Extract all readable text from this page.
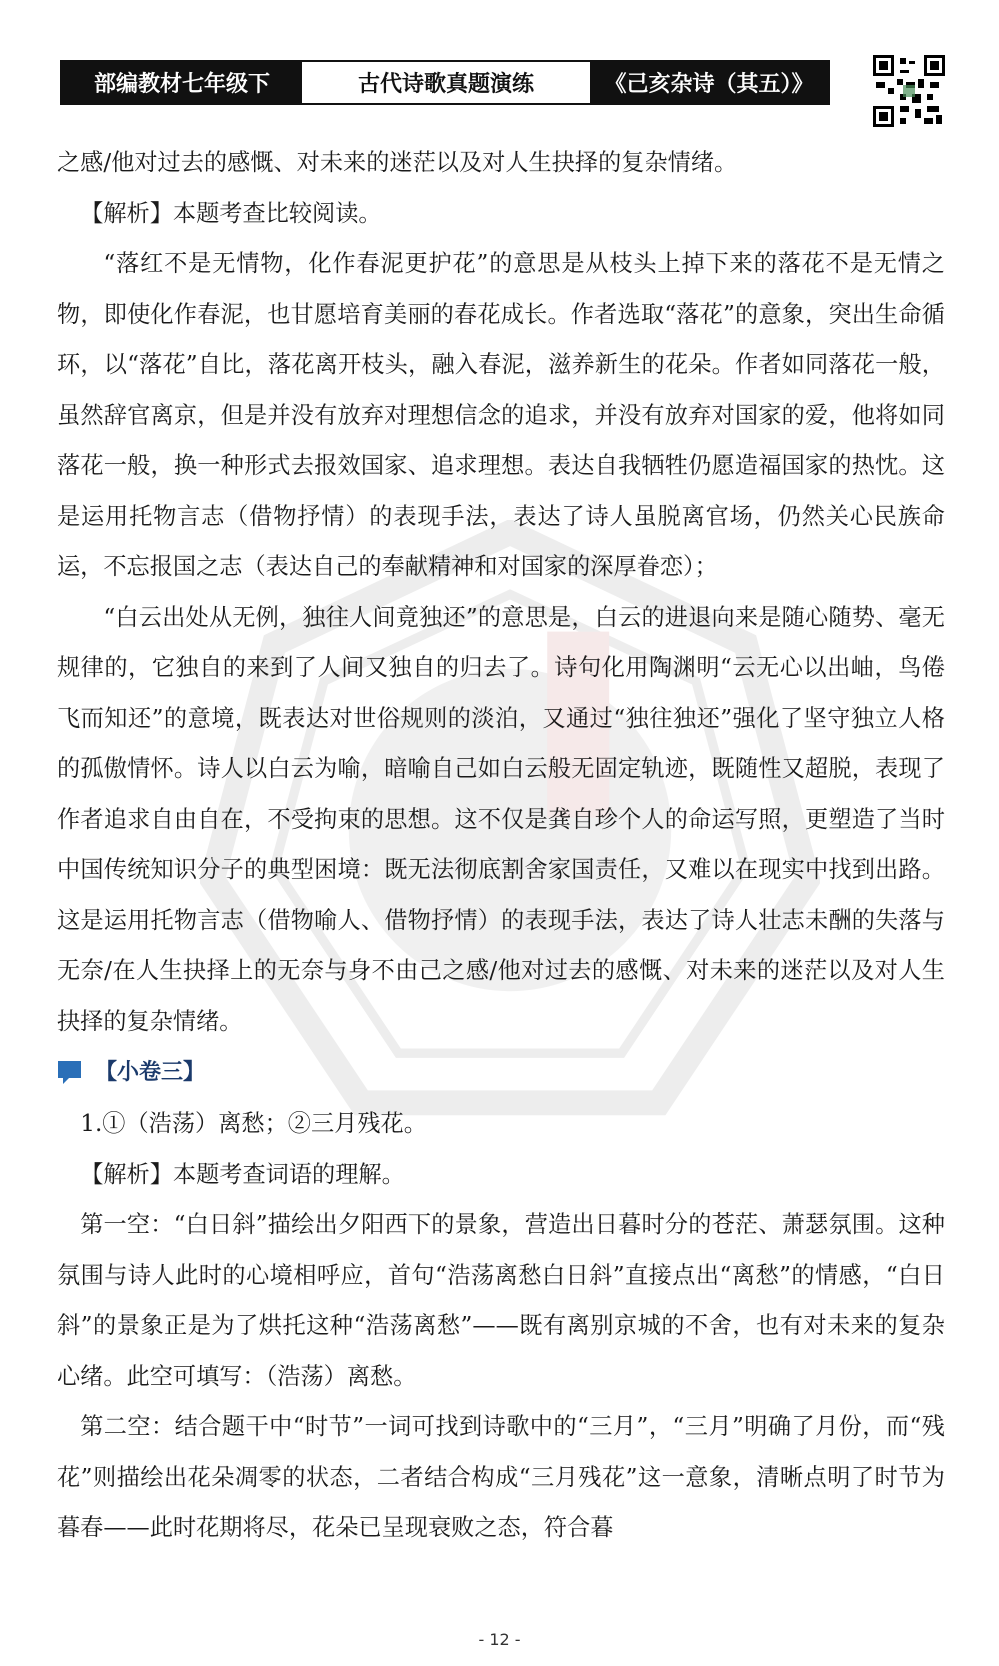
部编教材七年级下	古代诗歌真题演练	《己亥杂诗（其五）》

之感/他对过去的感慨、对未来的迷茫以及对人生抉择的复杂情绪。

【解析】本题考查比较阅读。

“落红不是无情物，化作春泥更护花”的意思是从枝头上掉下来的落花不是无情之物，即使化作春泥，也甘愿培育美丽的春花成长。作者选取“落花”的意象，突出生命循环，以“落花”自比，落花离开枝头，融入春泥，滋养新生的花朵。作者如同落花一般，虽然辞官离京，但是并没有放弃对理想信念的追求，并没有放弃对国家的爱，他将如同落花一般，换一种形式去报效国家、追求理想。表达自我牺牲仍愿造福国家的热忱。这是运用托物言志（借物抒情）的表现手法，表达了诗人虽脱离官场，仍然关心民族命运，不忘报国之志（表达自己的奉献精神和对国家的深厚眷恋）；

“白云出处从无例，独往人间竟独还”的意思是，白云的进退向来是随心随势、毫无规律的，它独自的来到了人间又独自的归去了。诗句化用陶渊明“云无心以出岫，鸟倦飞而知还”的意境，既表达对世俗规则的淡泊，又通过“独往独还”强化了坚守独立人格的孤傲情怀。诗人以白云为喻，暗喻自己如白云般无固定轨迹，既随性又超脱，表现了作者追求自由自在，不受拘束的思想。这不仅是龚自珍个人的命运写照，更塑造了当时中国传统知识分子的典型困境：既无法彻底割舍家国责任，又难以在现实中找到出路。这是运用托物言志（借物喻人、借物抒情）的表现手法，表达了诗人壮志未酬的失落与无奈/在人生抉择上的无奈与身不由己之感/他对过去的感慨、对未来的迷茫以及对人生抉择的复杂情绪。

【小卷三】

1.①（浩荡）离愁；②三月残花。

【解析】本题考查词语的理解。

第一空：“白日斜”描绘出夕阳西下的景象，营造出日暮时分的苍茫、萧瑟氛围。这种氛围与诗人此时的心境相呼应，首句“浩荡离愁白日斜”直接点出“离愁”的情感，“白日斜”的景象正是为了烘托这种“浩荡离愁”——既有离别京城的不舍，也有对未来的复杂心绪。此空可填写：（浩荡）离愁。

第二空：结合题干中“时节”一词可找到诗歌中的“三月”，“三月”明确了月份，而“残花”则描绘出花朵凋零的状态，二者结合构成“三月残花”这一意象，清晰点明了时节为暮春——此时花期将尽，花朵已呈现衰败之态，符合暮

- 12 -
